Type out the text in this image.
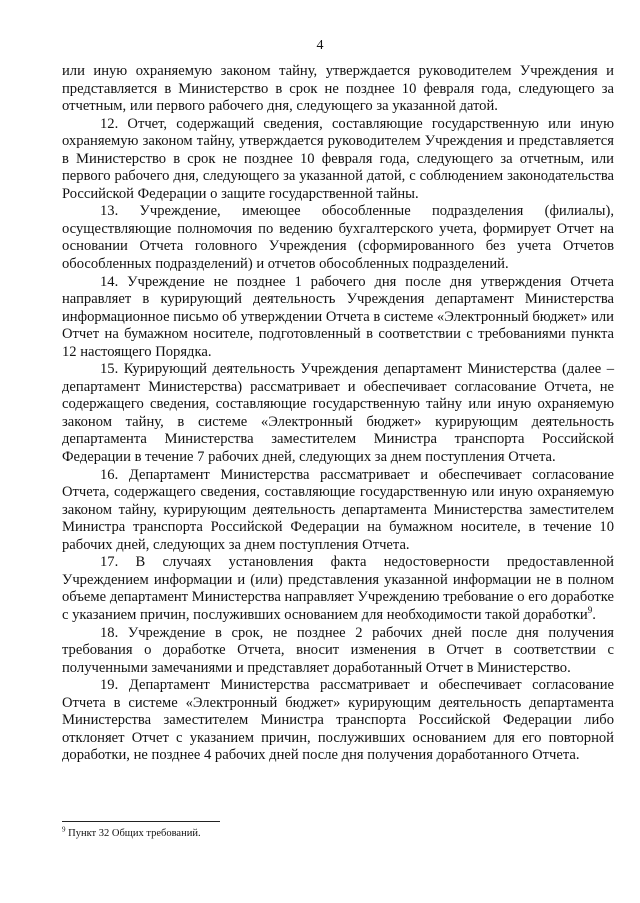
4

или иную охраняемую законом тайну, утверждается руководителем Учреждения и представляется в Министерство в срок не позднее 10 февраля года, следующего за отчетным, или первого рабочего дня, следующего за указанной датой.

12. Отчет, содержащий сведения, составляющие государственную или иную охраняемую законом тайну, утверждается руководителем Учреждения и представляется в Министерство в срок не позднее 10 февраля года, следующего за отчетным, или первого рабочего дня, следующего за указанной датой, с соблюдением законодательства Российской Федерации о защите государственной тайны.

13. Учреждение, имеющее обособленные подразделения (филиалы), осуществляющие полномочия по ведению бухгалтерского учета, формирует Отчет на основании Отчета головного Учреждения (сформированного без учета Отчетов обособленных подразделений) и отчетов обособленных подразделений.

14. Учреждение не позднее 1 рабочего дня после дня утверждения Отчета направляет в курирующий деятельность Учреждения департамент Министерства информационное письмо об утверждении Отчета в системе «Электронный бюджет» или Отчет на бумажном носителе, подготовленный в соответствии с требованиями пункта 12 настоящего Порядка.

15. Курирующий деятельность Учреждения департамент Министерства (далее – департамент Министерства) рассматривает и обеспечивает согласование Отчета, не содержащего сведения, составляющие государственную тайну или иную охраняемую законом тайну, в системе «Электронный бюджет» курирующим деятельность департамента Министерства заместителем Министра транспорта Российской Федерации в течение 7 рабочих дней, следующих за днем поступления Отчета.

16. Департамент Министерства рассматривает и обеспечивает согласование Отчета, содержащего сведения, составляющие государственную или иную охраняемую законом тайну, курирующим деятельность департамента Министерства заместителем Министра транспорта Российской Федерации на бумажном носителе, в течение 10 рабочих дней, следующих за днем поступления Отчета.

17. В случаях установления факта недостоверности предоставленной Учреждением информации и (или) представления указанной информации не в полном объеме департамент Министерства направляет Учреждению требование о его доработке с указанием причин, послуживших основанием для необходимости такой доработки$^9$.

18. Учреждение в срок, не позднее 2 рабочих дней после дня получения требования о доработке Отчета, вносит изменения в Отчет в соответствии с полученными замечаниями и представляет доработанный Отчет в Министерство.

19. Департамент Министерства рассматривает и обеспечивает согласование Отчета в системе «Электронный бюджет» курирующим деятельность департамента Министерства заместителем Министра транспорта Российской Федерации либо отклоняет Отчет с указанием причин, послуживших основанием для его повторной доработки, не позднее 4 рабочих дней после дня получения доработанного Отчета.

$^9$ Пункт 32 Общих требований.
